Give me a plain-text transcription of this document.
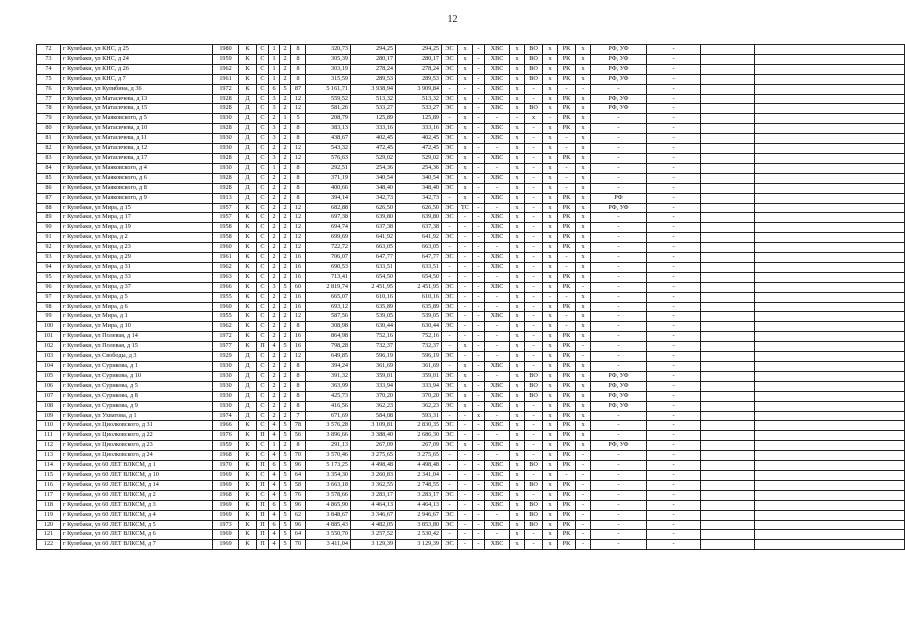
12
72	г Кулебаки, ул КНС, д 25	1980	К	С	1	2	8	320,73	294,25	294,25	ЭС	x	-	ХВС	x	ВО	x	РК	x	РФ, УФ	-		
73	г Кулебаки, ул КНС, д 24	1959	К	С	1	2	8	305,39	280,17	280,17	ЭС	x	-	ХВС	x	ВО	x	РК	x	РФ, УФ	-		
74	г Кулебаки, ул КНС, д 26	1962	К	С	1	2	8	303,19	278,24	278,24	ЭС	x	-	ХВС	x	ВО	x	РК	x	РФ, УФ	-		
75	г Кулебаки, ул КНС, д 7	1961	К	С	1	2	8	315,59	289,53	289,53	ЭС	x	-	ХВС	x	ВО	x	РК	x	РФ, УФ	-		
76	г Кулебаки, ул Кулибина, д 36	1972	К	С	6	5	87	5 161,71	3 938,94	3 909,84	-	-	-	ХВС	x	-	x	-	-	-	-		
77	г Кулебаки, ул Матасичева, д 13	1928	Д	С	3	2	12	559,52	513,32	513,32	ЭС	x	-	ХВС	x	-	x	РК	x	РФ, УФ	-		
78	г Кулебаки, ул Матасичева, д 15	1928	Д	С	3	2	12	581,26	533,27	533,27	ЭС	x	-	ХВС	x	ВО	x	РК	x	РФ, УФ	-		
79	г Кулебаки, ул Маяковского, д 5	1930	Д	С	2	1	5	208,79	125,89	125,89	-	x	-	-	-	x	-	РК	x	-	-		
80	г Кулебаки, ул Матасичева, д 10	1928	Д	С	3	2	8	383,13	333,16	333,16	ЭС	x	-	ХВС	x	-	x	РК	x	-	-		
81	г Кулебаки, ул Матасичева, д 11	1930	Д	С	3	2	8	438,67	402,45	402,45	ЭС	x	-	ХВС	x	-	x	-	x	-	-		
82	г Кулебаки, ул Матасичева, д 12	1930	Д	С	2	2	12	543,32	472,45	472,45	ЭС	x	-	-	x	-	x	-	x	-	-		
83	г Кулебаки, ул Матасичева, д 17	1928	Д	С	3	2	12	576,63	529,02	529,02	ЭС	x	-	ХВС	x	-	x	РК	x	-	-		
84	г Кулебаки, ул Маяковского, д 4	1930	Д	С	1	2	8	292,51	254,36	254,36	ЭС	x	-	-	x	-	x	-	x	-	-		
85	г Кулебаки, ул Маяковского, д 6	1928	Д	С	2	2	8	371,19	340,54	340,54	ЭС	x	-	ХВС	x	-	x	-	x	-	-		
86	г Кулебаки, ул Маяковского, д 8	1928	Д	С	2	2	8	400,66	348,40	348,40	ЭС	x	-	-	x	-	x	-	x	-	-		
87	г Кулебаки, ул Маяковского, д 9	1913	Д	С	2	2	8	394,14	342,73	342,73	-	x	-	ХВС	x	-	x	РК	x	РФ	-		
88	г Кулебаки, ул Мира, д 15	1957	К	С	2	2	12	682,88	626,50	626,50	ЭС	ТС	-	-	x	-	x	РК	x	РФ, УФ	-		
89	г Кулебаки, ул Мира, д 17	1957	К	С	2	2	12	697,38	639,80	639,80	ЭС	-	-	ХВС	x	-	x	РК	x	-	-		
90	г Кулебаки, ул Мира, д 19	1958	К	С	2	2	12	694,74	637,38	637,38	-	-	-	ХВС	x	-	x	РК	x	-	-		
91	г Кулебаки, ул Мира, д 2	1958	К	С	2	2	12	699,69	641,92	641,92	ЭС	-	-	ХВС	x	-	x	РК	x	-	-		
92	г Кулебаки, ул Мира, д 23	1960	К	С	2	2	12	722,72	663,05	663,05	-	-	-	-	x	-	x	РК	x	-	-		
93	г Кулебаки, ул Мира, д 29	1961	К	С	2	2	16	706,07	647,77	647,77	ЭС	-	-	ХВС	x	-	x	-	x	-	-		
94	г Кулебаки, ул Мира, д 31	1962	К	С	2	2	16	690,53	633,51	633,51	-	-	-	ХВС	x	-	x	-	x	-	-		
95	г Кулебаки, ул Мира, д 33	1963	К	С	2	2	16	713,41	654,50	654,50	-	-	-	-	x	-	x	РК	x	-	-		
96	г Кулебаки, ул Мира, д 37	1966	К	С	3	5	60	2 819,74	2 451,95	2 451,95	ЭС	-	-	ХВС	x	-	x	РК	-	-	-		
97	г Кулебаки, ул Мира, д 5	1955	К	С	2	2	16	665,07	610,16	610,16	ЭС	-	-	-	x	-	-	-	x	-	-		
98	г Кулебаки, ул Мира, д 6	1960	К	С	2	2	16	693,12	635,89	635,89	ЭС	-	-	-	x	-	x	РК	x	-	-		
99	г Кулебаки, ул Мира, д 1	1955	К	С	2	2	12	587,56	539,05	539,05	ЭС	-	-	ХВС	x	-	x	-	x	-	-		
100	г Кулебаки, ул Мира, д 10	1962	К	С	2	2	8	308,98	630,44	630,44	ЭС	-	-	-	x	-	x	-	x	-	-		
101	г Кулебаки, ул Полевая, д 14	1972	К	С	2	2	16	864,98	752,16	752,16	-	-	-	-	x	-	x	РК	x	-	-		
102	г Кулебаки, ул Полевая, д 15	1977	К	П	4	5	16	798,28	732,37	732,37	-	x	-	-	x	-	x	РК	-	-	-		
103	г Кулебаки, ул Свободы, д 3	1929	Д	С	2	2	12	649,85	596,19	596,19	ЭС	-	-	-	x	-	x	РК	-	-	-		
104	г Кулебаки, ул Сурикова, д 1	1930	Д	С	2	2	8	394,24	361,69	361,69	-	x	-	ХВС	x	-	x	РК	x	-	-		
105	г Кулебаки, ул Сурикова, д 10	1930	Д	С	2	2	8	391,32	359,01	359,01	ЭС	x	-	-	x	ВО	x	РК	x	РФ, УФ	-		
106	г Кулебаки, ул Сурикова, д 5	1930	Д	С	2	2	8	363,99	333,94	333,94	ЭС	x	-	ХВС	x	ВО	x	РК	x	РФ, УФ	-		
107	г Кулебаки, ул Сурикова, д 8	1930	Д	С	2	2	8	425,73	370,20	370,20	ЭС	x	-	ХВС	x	ВО	x	РК	x	РФ, УФ	-		
108	г Кулебаки, ул Сурикова, д 9	1930	Д	С	2	2	8	416,56	362,23	362,23	ЭС	x	-	ХВС	x	-	x	РК	x	РФ, УФ	-		
109	г Кулебаки, ул Ухватова, д 1	1974	Д	С	2	2	7	671,69	584,08	593,31	-	-	x	-	x	-	x	РК	x	-	-		
110	г Кулебаки, ул Циолковского, д 31	1966	К	С	4	5	78	3 576,28	3 109,81	2 830,35	ЭС	-	-	ХВС	x	-	x	РК	x	-	-		
111	г Кулебаки, ул Циолковского, д 22	1976	К	П	4	5	56	3 896,66	3 388,40	2 686,30	ЭС	-	-	-	x	-	x	РК	x	-	-		
112	г Кулебаки, ул Циолковского, д 23	1959	К	С	1	2	8	291,13	267,09	267,09	ЭС	x	-	ХВС	x	-	x	РК	x	РФ, УФ	-		
113	г Кулебаки, ул Циолковского, д 24	1968	К	С	4	5	70	3 570,46	3 275,65	3 275,65	-	-	-	-	x	-	x	РК	-	-	-		
114	г Кулебаки, ул 60 ЛЕТ ВЛКСМ, д 1	1970	К	П	6	5	96	5 173,25	4 498,48	4 498,48	-	-	-	ХВС	x	ВО	x	РК	-	-	-		
115	г Кулебаки, ул 60 ЛЕТ ВЛКСМ, д 10	1969	К	С	4	5	64	3 354,30	3 260,83	2 341,04	-	-	-	ХВС	x	-	x	-	-	-	-		
116	г Кулебаки, ул 60 ЛЕТ ВЛКСМ, д 14	1969	К	П	4	5	58	3 663,18	3 362,55	2 748,55	-	-	-	ХВС	x	ВО	x	РК	-	-	-		
117	г Кулебаки, ул 60 ЛЕТ ВЛКСМ, д 2	1968	К	С	4	5	76	3 578,66	3 283,17	3 283,17	ЭС	-	-	ХВС	x	-	x	РК	-	-	-		
118	г Кулебаки, ул 60 ЛЕТ ВЛКСМ, д 3	1969	К	П	6	5	96	4 865,90	4 464,13	4 464,13	-	-	-	ХВС	x	ВО	x	РК	-	-	-		
119	г Кулебаки, ул 60 ЛЕТ ВЛКСМ, д 4	1969	К	П	4	5	62	3 848,67	3 346,67	2 946,67	ЭС	-	-	-	x	ВО	x	РК	-	-	-		
120	г Кулебаки, ул 60 ЛЕТ ВЛКСМ, д 5	1973	К	П	6	5	96	4 885,43	4 482,05	3 853,80	ЭС	-	-	ХВС	x	ВО	x	РК	-	-	-		
121	г Кулебаки, ул 60 ЛЕТ ВЛКСМ, д 6	1969	К	П	4	5	64	3 550,70	3 257,52	2 530,42	-	-	-	-	x	-	x	РК	-	-	-		
122	г Кулебаки, ул 60 ЛЕТ ВЛКСМ, д 7	1969	К	П	4	5	70	3 411,04	3 129,39	3 129,39	ЭС	-	-	ХВС	x	-	x	РК	-	-	-		
